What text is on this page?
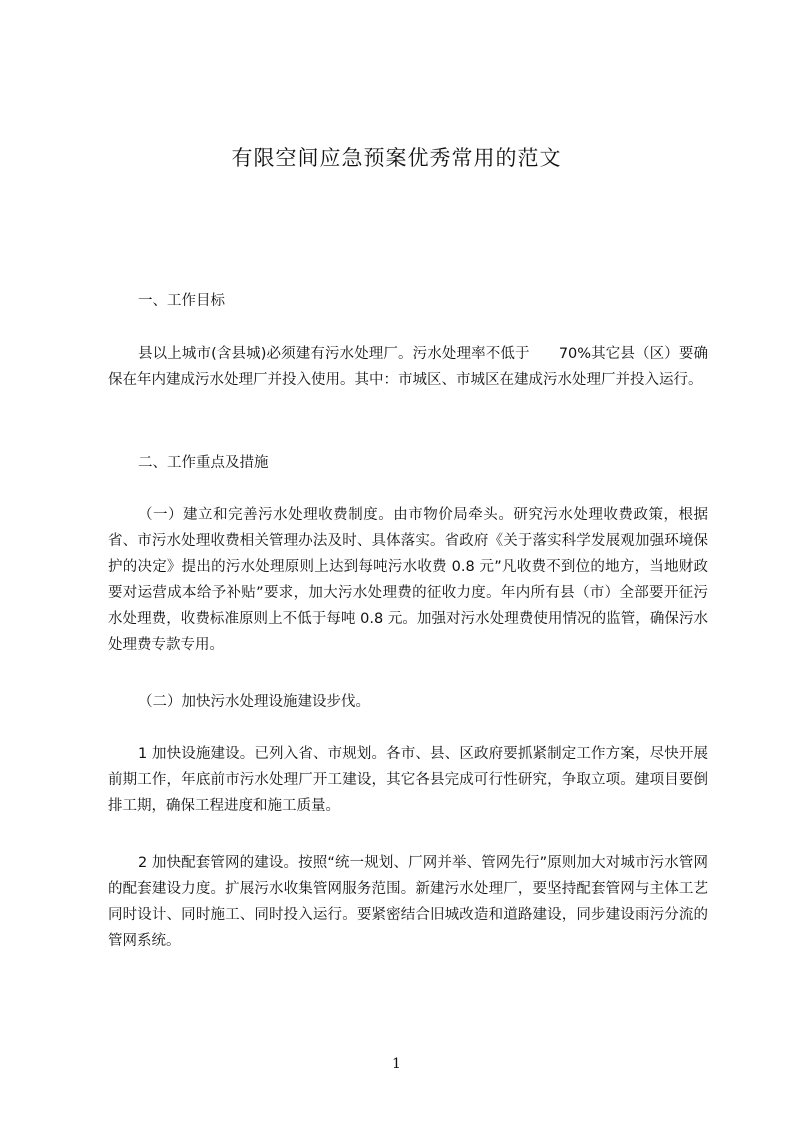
有限空间应急预案优秀常用的范文
一、工作目标
县以上城市(含县城)必须建有污水处理厂。污水处理率不低于　　70%其它县（区）要确保在年内建成污水处理厂并投入使用。其中：市城区、市城区在建成污水处理厂并投入运行。
二、工作重点及措施
（一）建立和完善污水处理收费制度。由市物价局牵头。研究污水处理收费政策，根据省、市污水处理收费相关管理办法及时、具体落实。省政府《关于落实科学发展观加强环境保护的决定》提出的污水处理原则上达到每吨污水收费 0.8 元”凡收费不到位的地方，当地财政要对运营成本给予补贴”要求，加大污水处理费的征收力度。年内所有县（市）全部要开征污水处理费，收费标准原则上不低于每吨 0.8 元。加强对污水处理费使用情况的监管，确保污水处理费专款专用。
（二）加快污水处理设施建设步伐。
1 加快设施建设。已列入省、市规划。各市、县、区政府要抓紧制定工作方案，尽快开展前期工作，年底前市污水处理厂开工建设，其它各县完成可行性研究，争取立项。建项目要倒排工期，确保工程进度和施工质量。
2 加快配套管网的建设。按照“统一规划、厂网并举、管网先行”原则加大对城市污水管网的配套建设力度。扩展污水收集管网服务范围。新建污水处理厂，要坚持配套管网与主体工艺同时设计、同时施工、同时投入运行。要紧密结合旧城改造和道路建设，同步建设雨污分流的管网系统。
1
